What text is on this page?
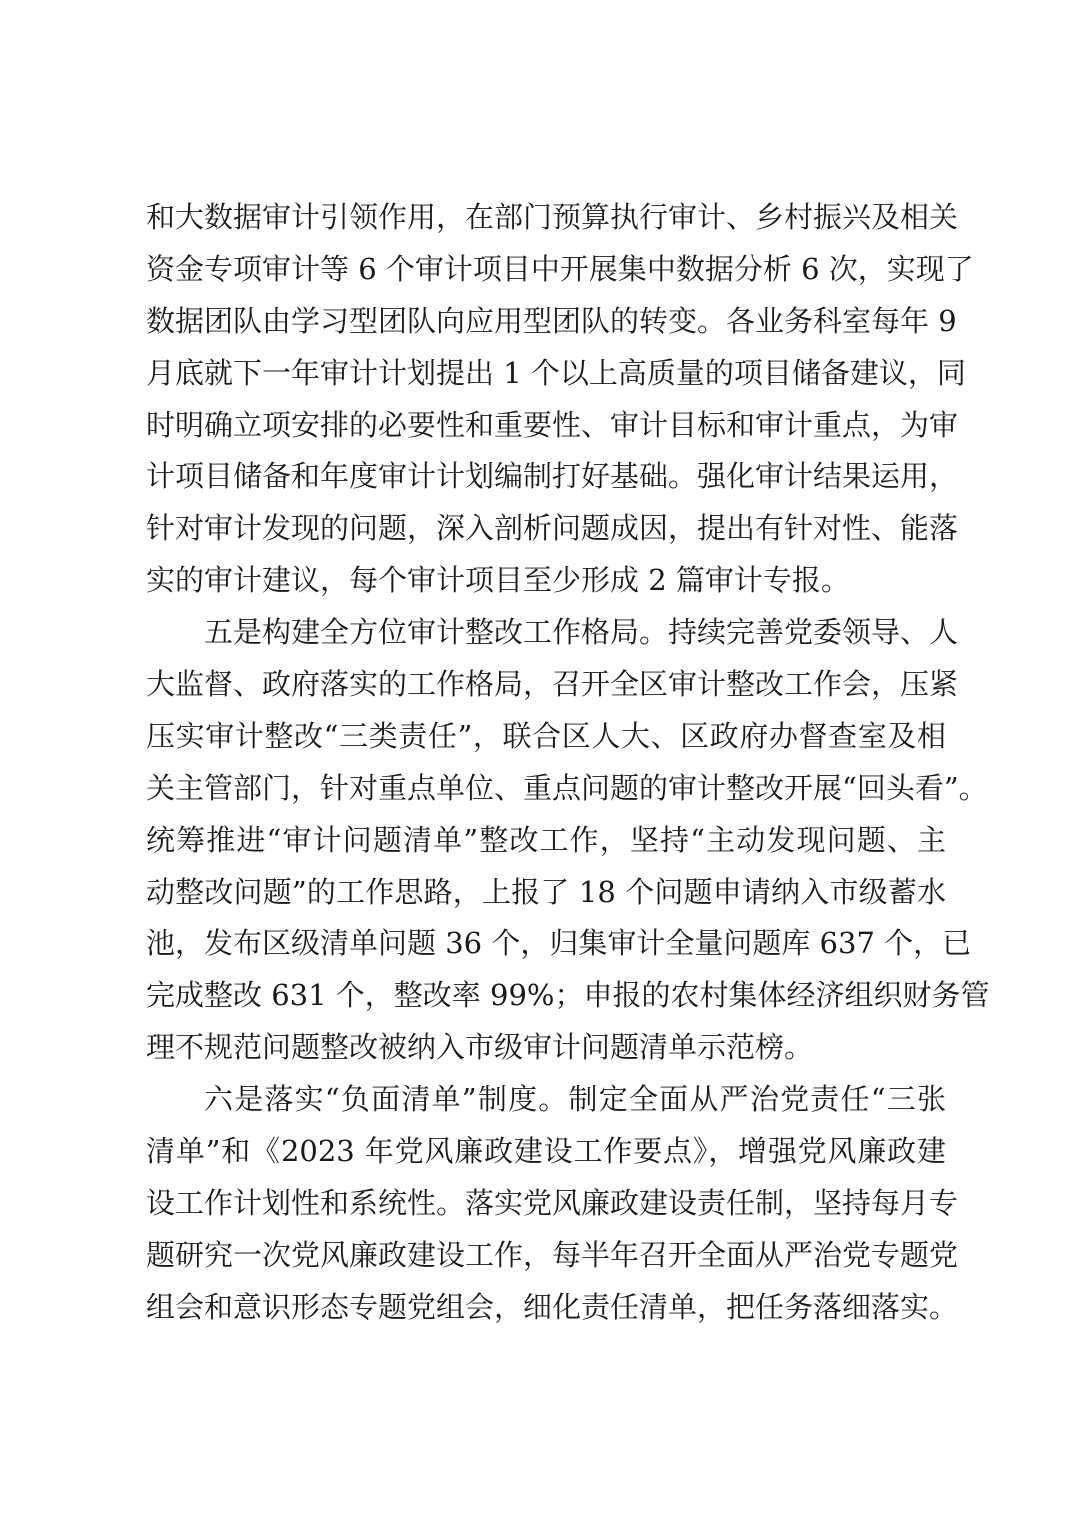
和大数据审计引领作用，在部门预算执行审计、乡村振兴及相关
资金专项审计等 6 个审计项目中开展集中数据分析 6 次，实现了
数据团队由学习型团队向应用型团队的转变。各业务科室每年 9
月底就下一年审计计划提出 1 个以上高质量的项目储备建议，同
时明确立项安排的必要性和重要性、审计目标和审计重点，为审
计项目储备和年度审计计划编制打好基础。强化审计结果运用，
针对审计发现的问题，深入剖析问题成因，提出有针对性、能落
实的审计建议，每个审计项目至少形成 2 篇审计专报。
五是构建全方位审计整改工作格局。持续完善党委领导、人
大监督、政府落实的工作格局，召开全区审计整改工作会，压紧
压实审计整改“三类责任”，联合区人大、区政府办督查室及相
关主管部门，针对重点单位、重点问题的审计整改开展“回头看”。
统筹推进“审计问题清单”整改工作，坚持“主动发现问题、主
动整改问题”的工作思路，上报了 18 个问题申请纳入市级蓄水
池，发布区级清单问题 36 个，归集审计全量问题库 637 个，已
完成整改 631 个，整改率 99%；申报的农村集体经济组织财务管
理不规范问题整改被纳入市级审计问题清单示范榜。
六是落实“负面清单”制度。制定全面从严治党责任“三张
清单”和《2023 年党风廉政建设工作要点》，增强党风廉政建
设工作计划性和系统性。落实党风廉政建设责任制，坚持每月专
题研究一次党风廉政建设工作，每半年召开全面从严治党专题党
组会和意识形态专题党组会，细化责任清单，把任务落细落实。
